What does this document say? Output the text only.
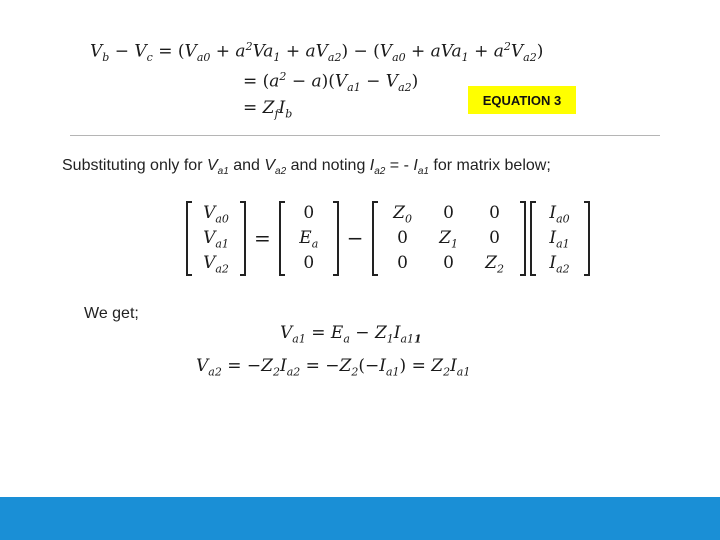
$V_b - V_c = (V_{a0} + a^2Va_1 + aV_{a2}) - (V_{a0} + aVa_1 + a^2V_{a2})$
= $(a^2 - a)(V_{a1} - V_{a2})$
= $Z_fI_b$
EQUATION 3
Substituting only for $V_{a1}$ and $V_{a2}$ and noting $I_{a2}$ = - $I_{a1}$ for matrix below;
$V_{a0}$
$V_{a1}$
$V_{a2}$
=
0
$E_a$
0
−
$Z_0$	0	0
0	$Z_1$	0
0	0	$Z_2$
$I_{a0}$
$I_{a1}$
$I_{a2}$
We get;
$V_{a1} = E_a - Z_1I_{a11}$
$V_{a2} = -Z_2I_{a2} = -Z_2(-I_{a1}) = Z_2I_{a1}$
